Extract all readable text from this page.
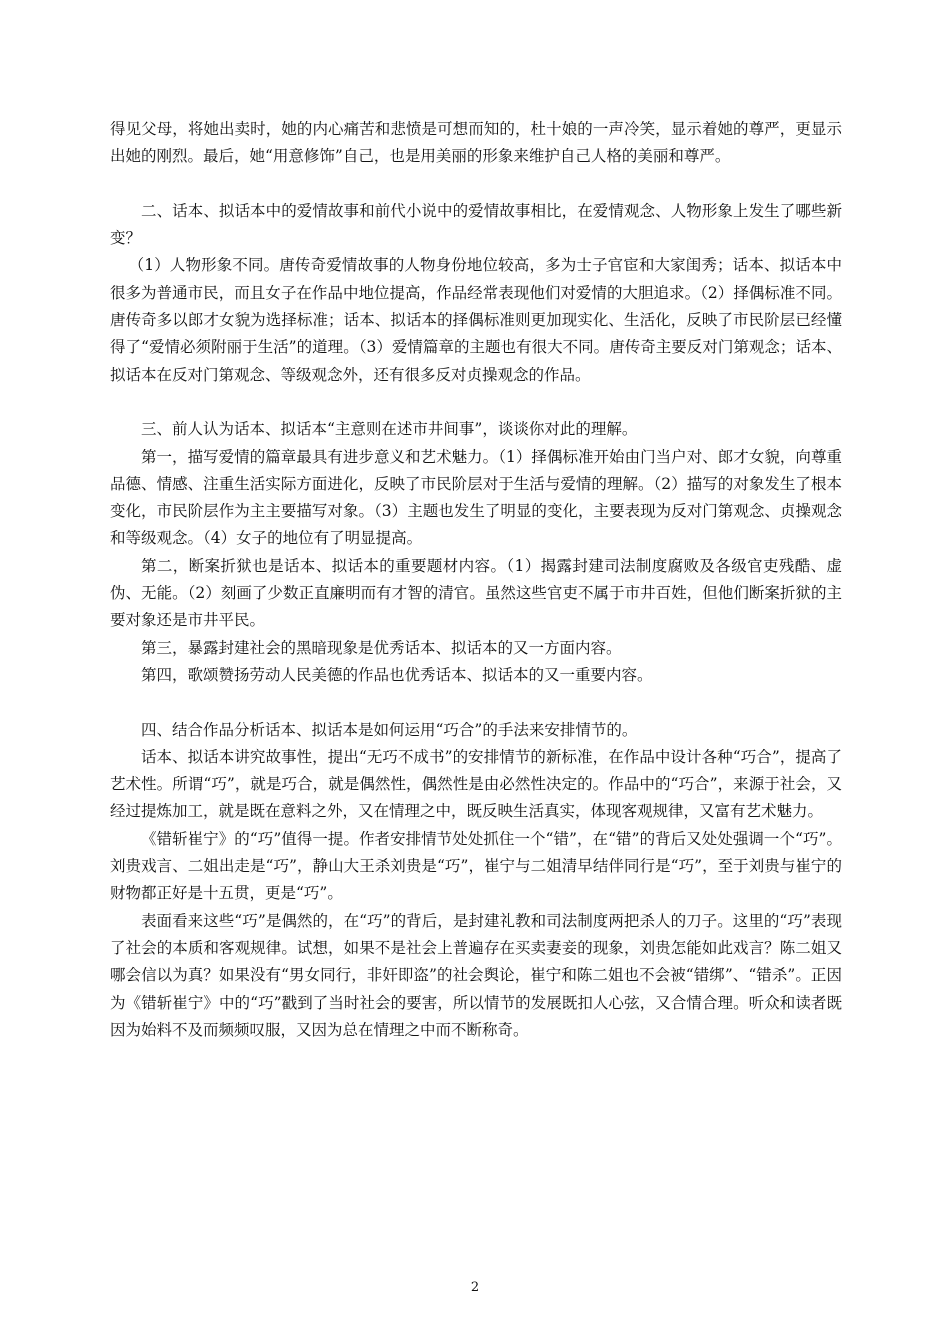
得见父母，将她出卖时，她的内心痛苦和悲愤是可想而知的，杜十娘的一声冷笑，显示着她的尊严，更显示出她的刚烈。最后，她“用意修饰”自己，也是用美丽的形象来维护自己人格的美丽和尊严。

二、话本、拟话本中的爱情故事和前代小说中的爱情故事相比，在爱情观念、人物形象上发生了哪些新变？

（1）人物形象不同。唐传奇爱情故事的人物身份地位较高，多为士子官宦和大家闺秀；话本、拟话本中很多为普通市民，而且女子在作品中地位提高，作品经常表现他们对爱情的大胆追求。（2）择偶标准不同。唐传奇多以郎才女貌为选择标准；话本、拟话本的择偶标准则更加现实化、生活化，反映了市民阶层已经懂得了“爱情必须附丽于生活”的道理。（3）爱情篇章的主题也有很大不同。唐传奇主要反对门第观念；话本、拟话本在反对门第观念、等级观念外，还有很多反对贞操观念的作品。

三、前人认为话本、拟话本“主意则在述市井间事”，谈谈你对此的理解。

第一，描写爱情的篇章最具有进步意义和艺术魅力。（1）择偶标准开始由门当户对、郎才女貌，向尊重品德、情感、注重生活实际方面进化，反映了市民阶层对于生活与爱情的理解。（2）描写的对象发生了根本变化，市民阶层作为主主要描写对象。（3）主题也发生了明显的变化，主要表现为反对门第观念、贞操观念和等级观念。（4）女子的地位有了明显提高。

第二，断案折狱也是话本、拟话本的重要题材内容。（1）揭露封建司法制度腐败及各级官吏残酷、虚伪、无能。（2）刻画了少数正直廉明而有才智的清官。虽然这些官吏不属于市井百姓，但他们断案折狱的主要对象还是市井平民。

第三，暴露封建社会的黑暗现象是优秀话本、拟话本的又一方面内容。

第四，歌颂赞扬劳动人民美德的作品也优秀话本、拟话本的又一重要内容。

四、结合作品分析话本、拟话本是如何运用“巧合”的手法来安排情节的。

话本、拟话本讲究故事性，提出“无巧不成书”的安排情节的新标准，在作品中设计各种“巧合”，提高了艺术性。所谓“巧”，就是巧合，就是偶然性，偶然性是由必然性决定的。作品中的“巧合”，来源于社会，又经过提炼加工，就是既在意料之外，又在情理之中，既反映生活真实，体现客观规律，又富有艺术魅力。

《错斩崔宁》的“巧”值得一提。作者安排情节处处抓住一个“错”，在“错”的背后又处处强调一个“巧”。刘贵戏言、二姐出走是“巧”，静山大王杀刘贵是“巧”，崔宁与二姐清早结伴同行是“巧”，至于刘贵与崔宁的财物都正好是十五贯，更是“巧”。

表面看来这些“巧”是偶然的，在“巧”的背后，是封建礼教和司法制度两把杀人的刀子。这里的“巧”表现了社会的本质和客观规律。试想，如果不是社会上普遍存在买卖妻妾的现象，刘贵怎能如此戏言？陈二姐又哪会信以为真？如果没有“男女同行，非奸即盗”的社会舆论，崔宁和陈二姐也不会被“错绑”、“错杀”。正因为《错斩崔宁》中的“巧”戳到了当时社会的要害，所以情节的发展既扣人心弦，又合情合理。听众和读者既因为始料不及而频频叹服，又因为总在情理之中而不断称奇。

2
